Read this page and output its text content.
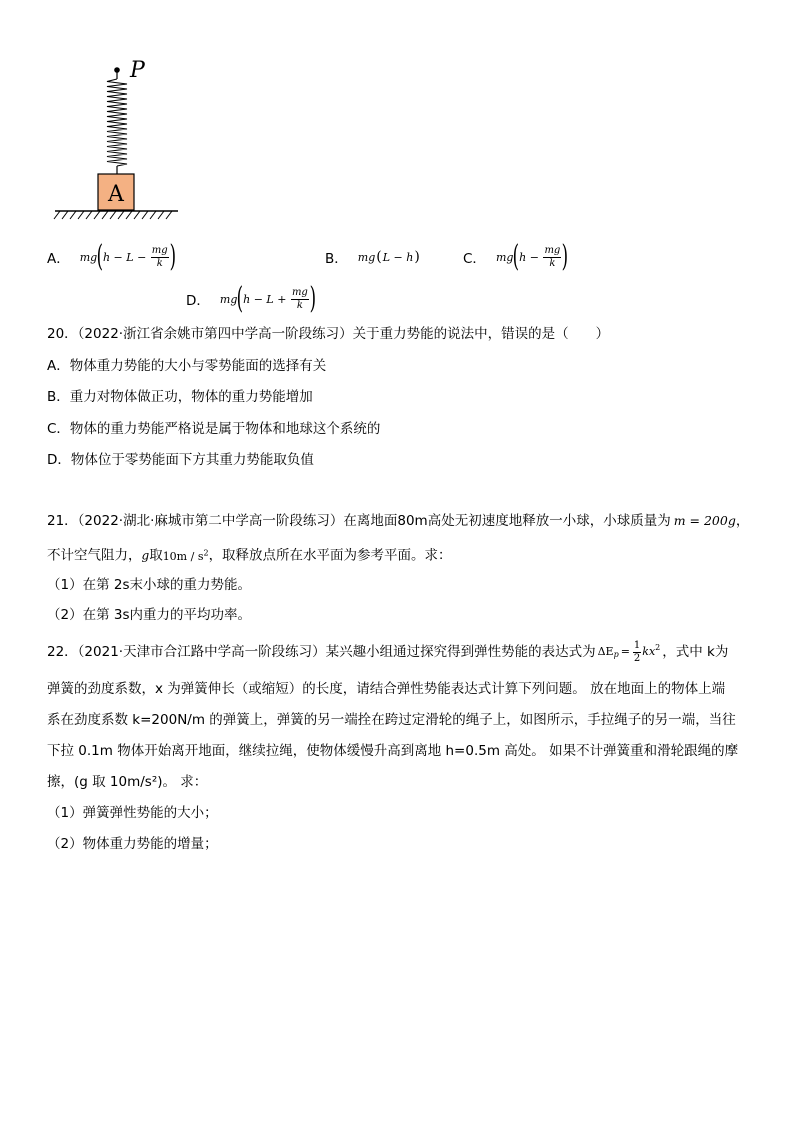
P
A
A． mg ( $h - L - \frac{mg}{k}$ )	B． mg ( L − h )	C． mg ( $h - \frac{mg}{k}$ )
D． mg ( $h - L + \frac{mg}{k}$ )
20．（2022·浙江省余姚市第四中学高一阶段练习）关于重力势能的说法中，错误的是（　　）
A．物体重力势能的大小与零势能面的选择有关
B．重力对物体做正功，物体的重力势能增加
C．物体的重力势能严格说是属于物体和地球这个系统的
D．物体位于零势能面下方其重力势能取负值
21．（2022·湖北·麻城市第二中学高一阶段练习）在离地面80m高处无初速度地释放一小球，小球质量为 m = 200g，
不计空气阻力，g取$10m / s^2$，取释放点所在水平面为参考平面。求：
（1）在第 2s末小球的重力势能。
（2）在第 3s内重力的平均功率。
22．（2021·天津市合江路中学高一阶段练习）某兴趣小组通过探究得到弹性势能的表达式为 $\Delta E_p = \frac{1}{2} kx^2$ ，式中 k为
弹簧的劲度系数，x 为弹簧伸长（或缩短）的长度，请结合弹性势能表达式计算下列问题。 放在地面上的物体上端
系在劲度系数 k=200N/m 的弹簧上，弹簧的另一端拴在跨过定滑轮的绳子上，如图所示，手拉绳子的另一端，当往
下拉 0.1m 物体开始离开地面，继续拉绳，使物体缓慢升高到离地 h=0.5m 高处。 如果不计弹簧重和滑轮跟绳的摩
擦，(g 取 10m/s²)。 求：
（1）弹簧弹性势能的大小；
（2）物体重力势能的增量；
